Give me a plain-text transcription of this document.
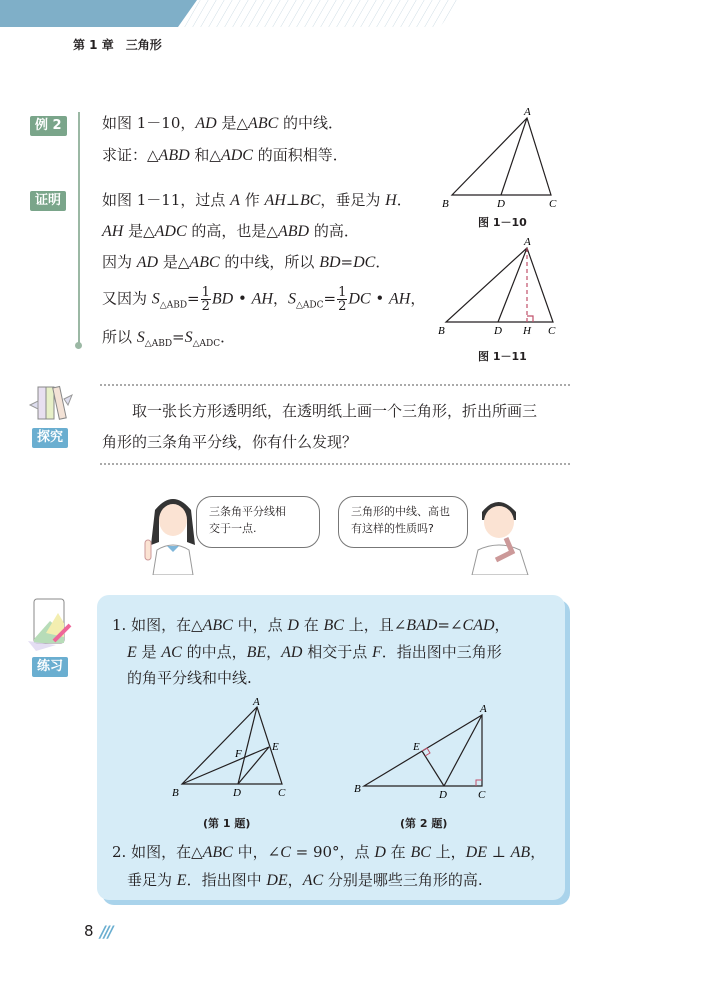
第 1 章　三角形
例 2
证明
如图 1－10，AD 是△ABC 的中线．
求证：△ABD 和△ADC 的面积相等．
如图 1－11，过点 A 作 AH⊥BC，垂足为 H．
AH 是△ADC 的高，也是△ABD 的高．
因为 AD 是△ABC 的中线，所以 BD=DC．
又因为 $S_{\triangle ABD}= \frac{1}{2}$ BD • AH，$S_{\triangle ADC}= \frac{1}{2}$ DC • AH，
所以 $S_{\triangle ABD}=S_{\triangle ADC}$．
A
B	D	C
图 1－10
A
B	D H C
图 1－11
探究
　　取一张长方形透明纸，在透明纸上画一个三角形，折出所画三
角形的三条角平分线，你有什么发现？
三条角平分线相
交于一点.
三角形的中线、高也
有这样的性质吗?
练习
1. 如图，在△ABC 中，点 D 在 BC 上，且∠BAD=∠CAD，
　E 是 AC 的中点，BE，AD 相交于点 F．指出图中三角形
　的角平分线和中线.
A
B	D	C
E
F
A
B	D	C
E
(第 1 题)	(第 2 题)
2. 如图，在△ABC 中，∠C = 90°，点 D 在 BC 上，DE ⊥ AB，
　垂足为 E．指出图中 DE，AC 分别是哪些三角形的高.
8 ///
